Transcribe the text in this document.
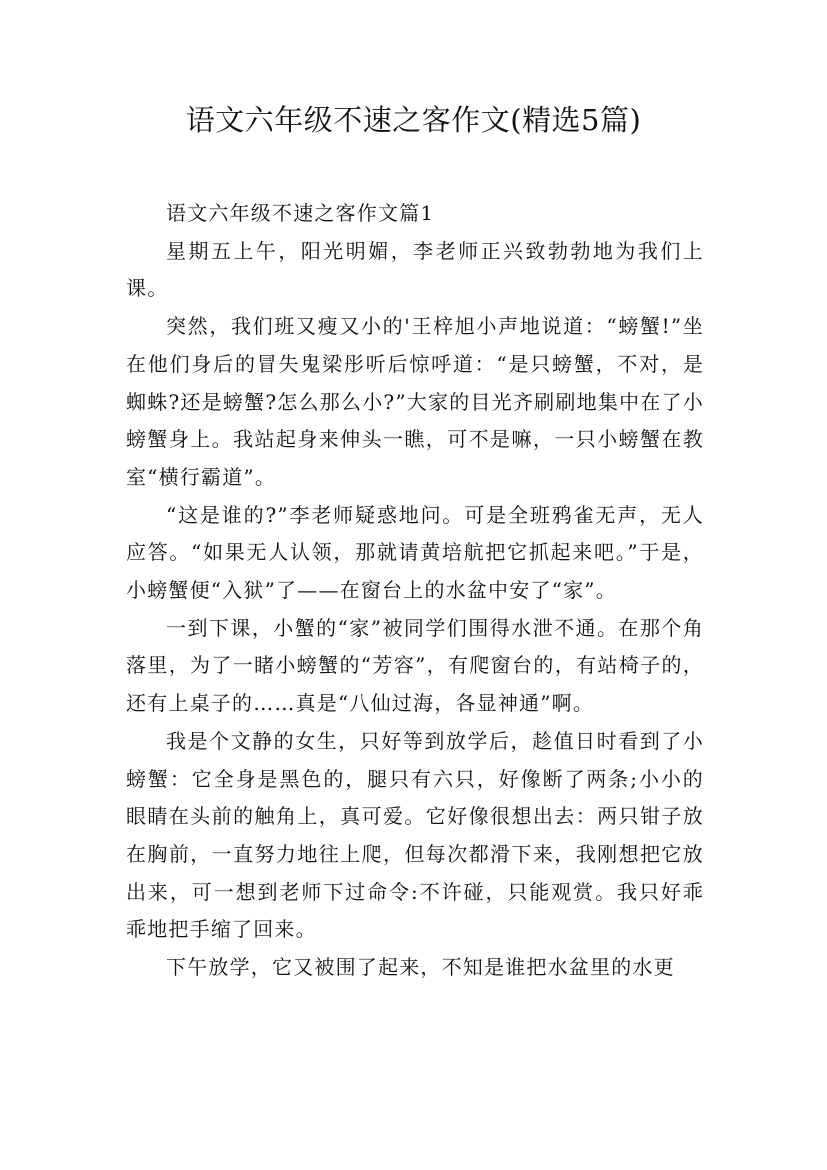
语文六年级不速之客作文(精选5篇)

语文六年级不速之客作文篇1

星期五上午，阳光明媚，李老师正兴致勃勃地为我们上课。

突然，我们班又瘦又小的'王梓旭小声地说道：“螃蟹!”坐在他们身后的冒失鬼梁彤听后惊呼道：“是只螃蟹，不对，是蜘蛛?还是螃蟹?怎么那么小?”大家的目光齐刷刷地集中在了小螃蟹身上。我站起身来伸头一瞧，可不是嘛，一只小螃蟹在教室“横行霸道”。

“这是谁的?”李老师疑惑地问。可是全班鸦雀无声，无人应答。“如果无人认领，那就请黄培航把它抓起来吧。”于是，小螃蟹便“入狱”了——在窗台上的水盆中安了“家”。

一到下课，小蟹的“家”被同学们围得水泄不通。在那个角落里，为了一睹小螃蟹的“芳容”，有爬窗台的，有站椅子的，还有上桌子的……真是“八仙过海，各显神通”啊。

我是个文静的女生，只好等到放学后，趁值日时看到了小螃蟹：它全身是黑色的，腿只有六只，好像断了两条;小小的眼睛在头前的触角上，真可爱。它好像很想出去：两只钳子放在胸前，一直努力地往上爬，但每次都滑下来，我刚想把它放出来，可一想到老师下过命令:不许碰，只能观赏。我只好乖乖地把手缩了回来。

下午放学，它又被围了起来，不知是谁把水盆里的水更
